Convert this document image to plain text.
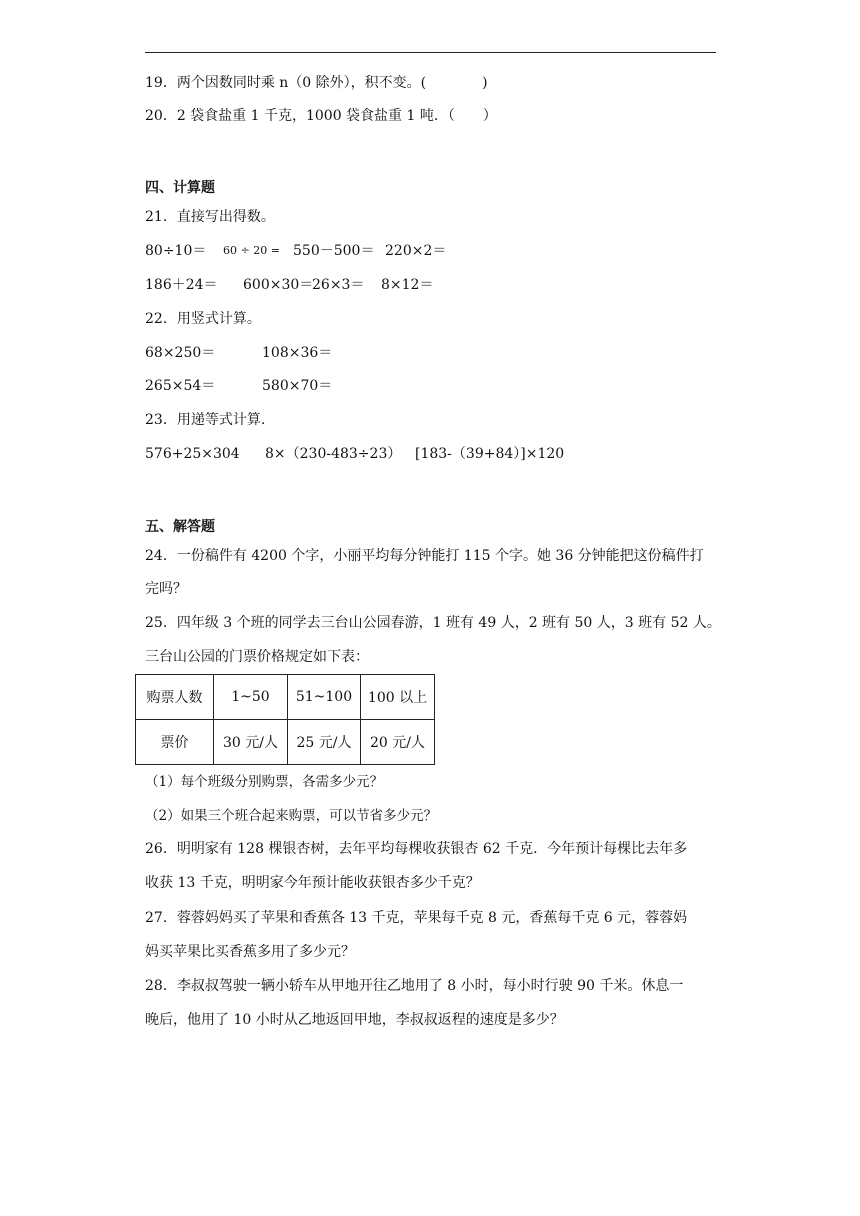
19．两个因数同时乘 n（0 除外），积不变。(　　　　)
20．2 袋食盐重 1 千克，1000 袋食盐重 1 吨．（　　）
四、计算题
21．直接写出得数。
80÷10＝ 60 ÷ 20 = 550－500＝ 220×2＝
186＋24＝ 600×30＝
26×3＝ 8×12＝
22．用竖式计算。
68×250＝	108×36＝
265×54＝	580×70＝
23．用递等式计算.
576+25×304 8×（230-483÷23） [183-（39+84）]×120
五、解答题
24．一份稿件有 4200 个字，小丽平均每分钟能打 115 个字。她 36 分钟能把这份稿件打
完吗？
25．四年级 3 个班的同学去三台山公园春游，1 班有 49 人，2 班有 50 人，3 班有 52 人。
三台山公园的门票价格规定如下表：
购票人数	1~50	51~100	100 以上
票价	30 元/人	25 元/人	20 元/人
（1）每个班级分别购票，各需多少元？
（2）如果三个班合起来购票，可以节省多少元？
26．明明家有 128 棵银杏树，去年平均每棵收获银杏 62 千克．今年预计每棵比去年多
收获 13 千克，明明家今年预计能收获银杏多少千克？
27．蓉蓉妈妈买了苹果和香蕉各 13 千克，苹果每千克 8 元，香蕉每千克 6 元，蓉蓉妈
妈买苹果比买香蕉多用了多少元？
28．李叔叔驾驶一辆小轿车从甲地开往乙地用了 8 小时，每小时行驶 90 千米。休息一
晚后，他用了 10 小时从乙地返回甲地，李叔叔返程的速度是多少？
